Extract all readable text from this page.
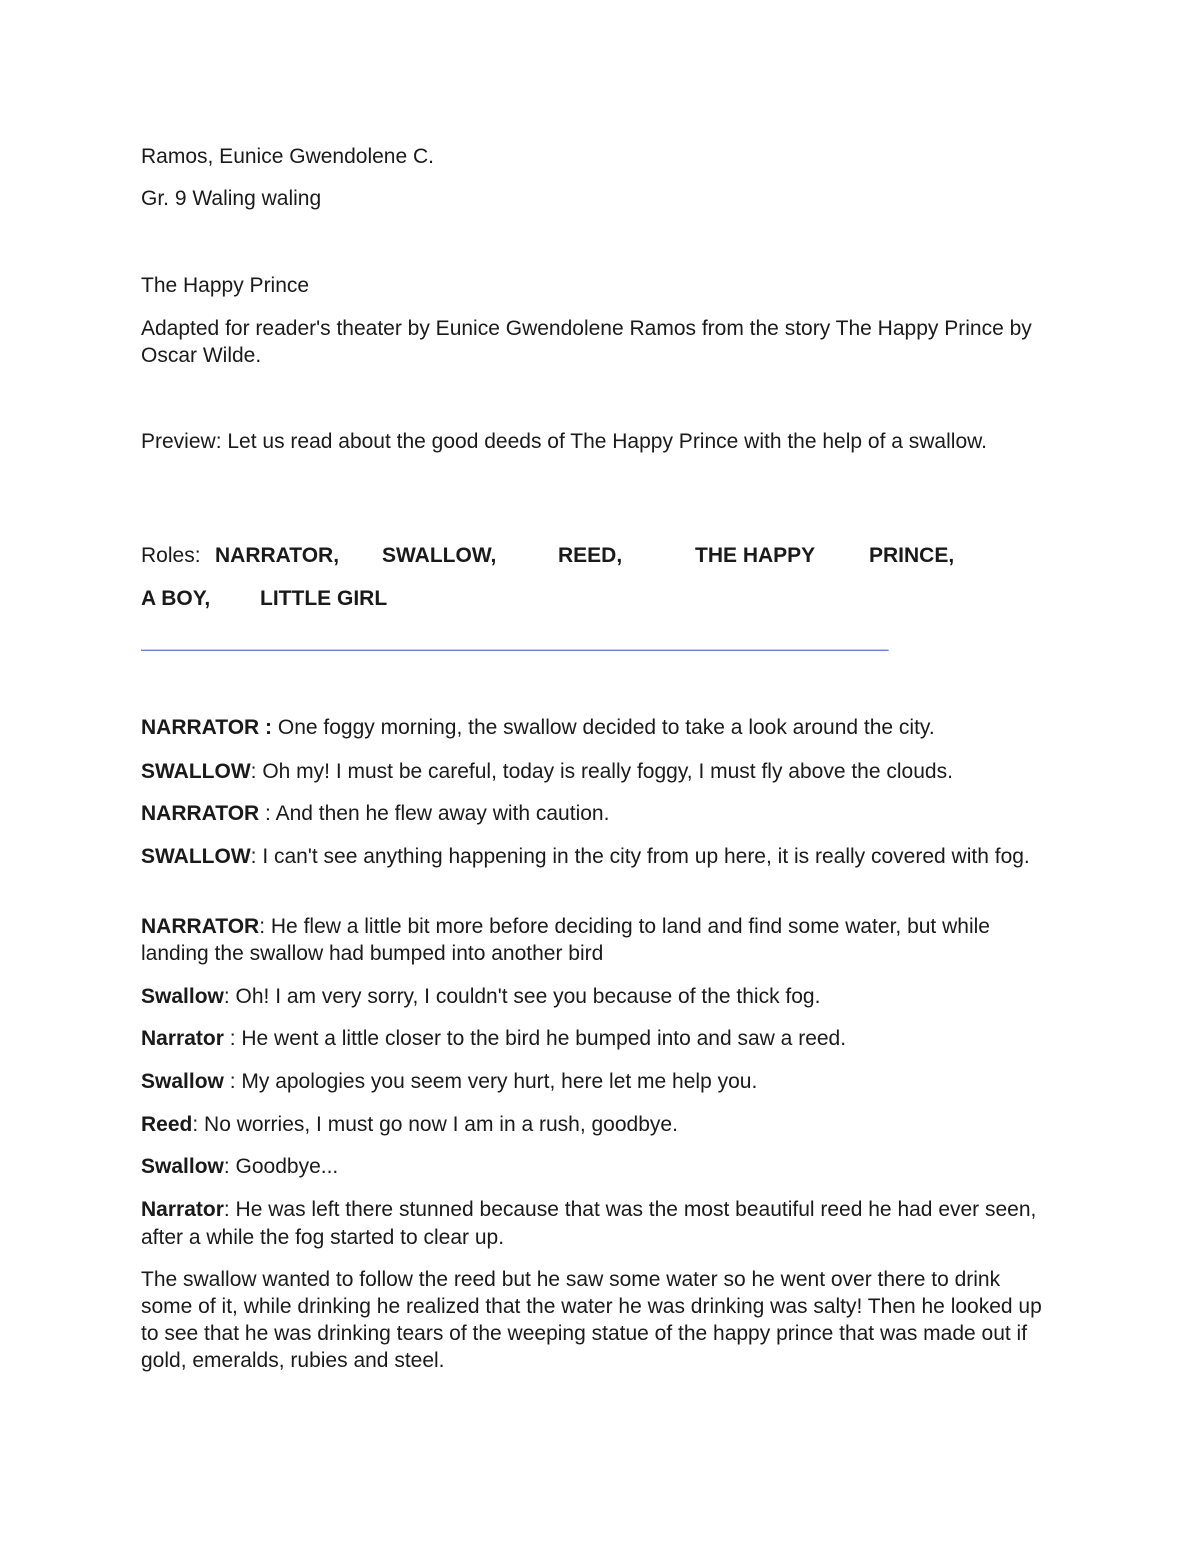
Ramos, Eunice Gwendolene C.
Gr. 9 Waling waling
The Happy Prince
Adapted for reader's theater by Eunice Gwendolene Ramos from the story The Happy Prince by Oscar Wilde.
Preview: Let us read about the good deeds of The Happy Prince with the help of a swallow.
Roles: NARRATOR, SWALLOW,	REED,	THE HAPPY	PRINCE,
A BOY, LITTLE GIRL
________________________________________________________________
NARRATOR : One foggy morning, the swallow decided to take a look around the city.
SWALLOW: Oh my! I must be careful, today is really foggy, I must fly above the clouds.
NARRATOR : And then he flew away with caution.
SWALLOW: I can't see anything happening in the city from up here, it is really covered with fog.
NARRATOR: He flew a little bit more before deciding to land and find some water, but while landing the swallow had bumped into another bird
Swallow: Oh! I am very sorry, I couldn't see you because of the thick fog.
Narrator : He went a little closer to the bird he bumped into and saw a reed.
Swallow : My apologies you seem very hurt, here let me help you.
Reed: No worries, I must go now I am in a rush, goodbye.
Swallow: Goodbye...
Narrator: He was left there stunned because that was the most beautiful reed he had ever seen, after a while the fog started to clear up.
The swallow wanted to follow the reed but he saw some water so he went over there to drink some of it, while drinking he realized that the water he was drinking was salty! Then he looked up to see that he was drinking tears of the weeping statue of the happy prince that was made out if gold, emeralds, rubies and steel.
